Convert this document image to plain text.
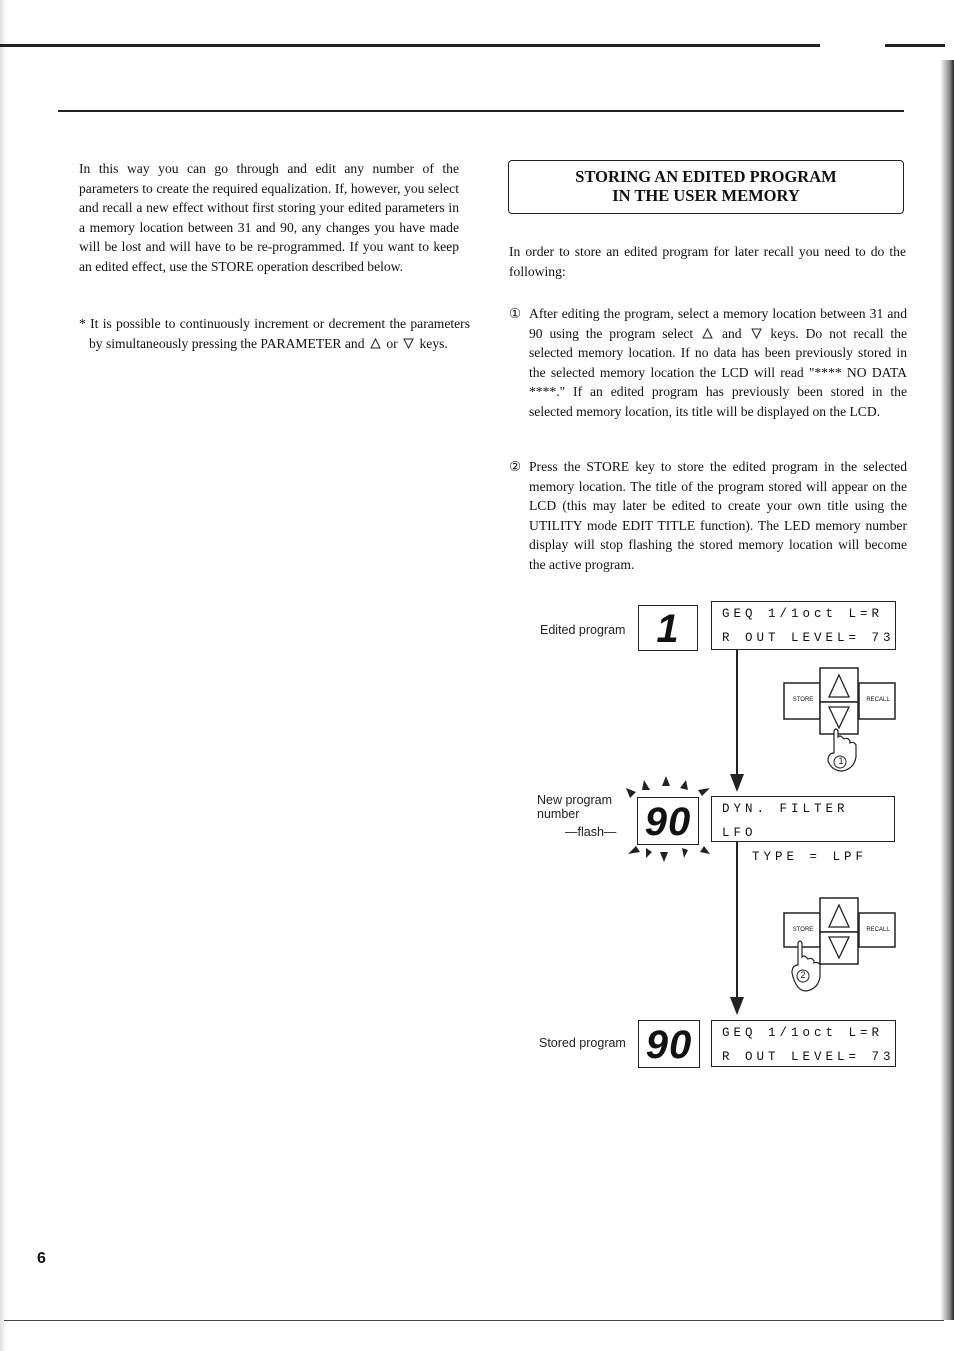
In this way you can go through and edit any number of the parameters to create the required equalization. If, however, you select and recall a new effect without first storing your edited parameters in a memory location between 31 and 90, any changes you have made will be lost and will have to be re-programmed. If you want to keep an edited effect, use the STORE operation described below.
* It is possible to continuously increment or decrement the parameters by simultaneously pressing the PARAMETER and or keys.
STORING AN EDITED PROGRAM
IN THE USER MEMORY
In order to store an edited program for later recall you need to do the following:
① After editing the program, select a memory location between 31 and 90 using the program select and keys. Do not recall the selected memory location. If no data has been previously stored in the selected memory location the LCD will read "**** NO DATA ****." If an edited program has previously been stored in the selected memory location, its title will be displayed on the LCD.
② Press the STORE key to store the edited program in the selected memory location. The title of the program stored will appear on the LCD (this may later be edited to create your own title using the UTILITY mode EDIT TITLE function). The LED memory number display will stop flashing the stored memory location will become the active program.
Edited program 1	GEQ 1/1oct L=R
R OUT LEVEL= 73
STORE	RECALL
1
New program
number
—flash— 90	DYN. FILTER LFO
TYPE = LPF
STORE	RECALL
2
Stored program 90	GEQ 1/1oct L=R
R OUT LEVEL= 73
6
